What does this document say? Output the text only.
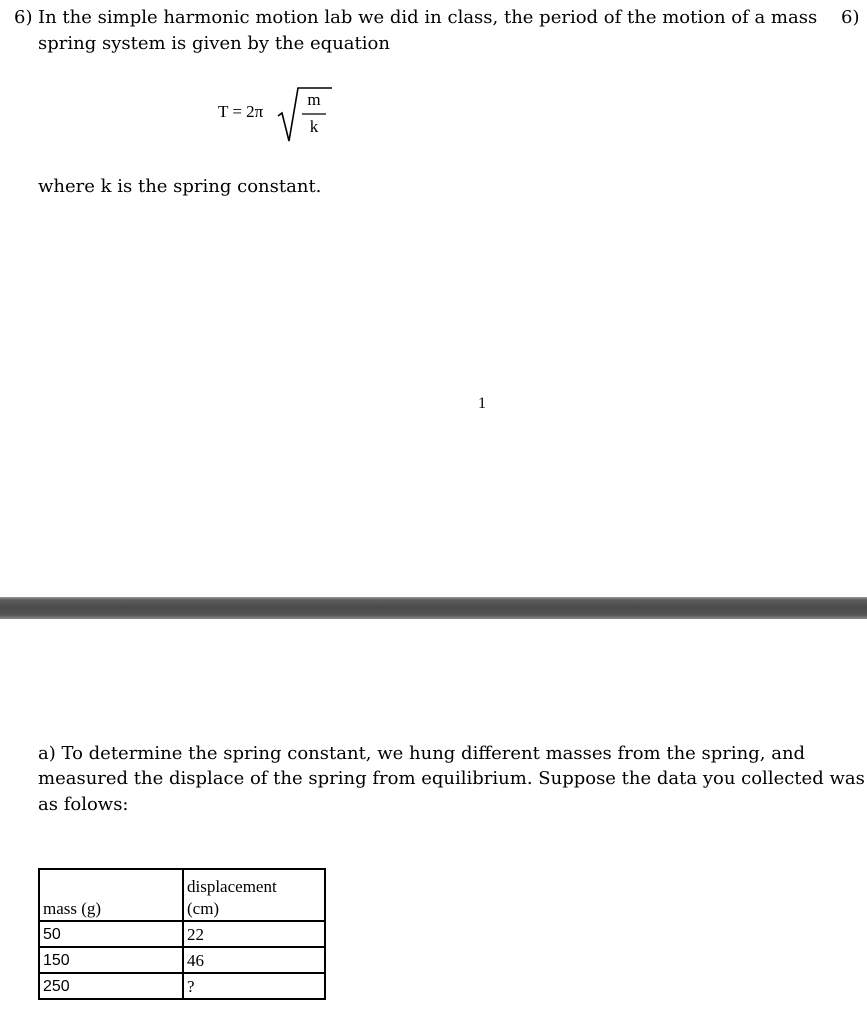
6) In the simple harmonic motion lab we did in class, the period of the motion of a mass
spring system is given by the equation
6)
T = 2π
m
k
where k is the spring constant.
1
a) To determine the spring constant, we hung different masses from the spring, and
measured the displace of the spring from equilibrium. Suppose the data you collected was
as folows:
mass (g)	displacement
(cm)
50	22
150	46
250	?
